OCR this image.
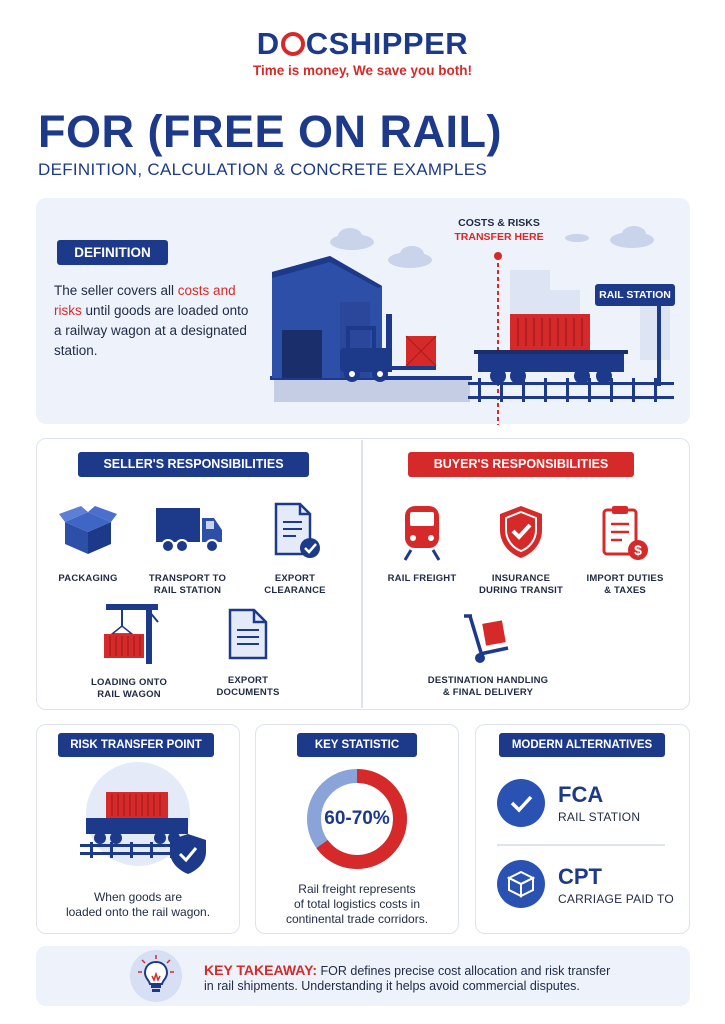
D CSHIPPER
Time is money, We save you both!
FOR (FREE ON RAIL)
DEFINITION, CALCULATION & CONCRETE EXAMPLES
DEFINITION
The seller covers all costs and risks until goods are loaded onto a railway wagon at a designated station.
COSTS & RISKS
TRANSFER HERE
RAIL STATION
SELLER'S RESPONSIBILITIES	BUYER'S RESPONSIBILITIES
PACKAGING	TRANSPORT TO
RAIL STATION
EXPORT
CLEARANCE
LOADING ONTO
RAIL WAGON
EXPORT
DOCUMENTS
RAIL FREIGHT	INSURANCE
DURING TRANSIT
$
IMPORT DUTIES
& TAXES
DESTINATION HANDLING
& FINAL DELIVERY
RISK TRANSFER POINT
When goods are
loaded onto the rail wagon.
KEY STATISTIC
60-70%
Rail freight represents
of total logistics costs in
continental trade corridors.
MODERN ALTERNATIVES
FCA
RAIL STATION
CPT
CARRIAGE PAID TO
KEY TAKEAWAY: FOR defines precise cost allocation and risk transfer
in rail shipments. Understanding it helps avoid commercial disputes.
